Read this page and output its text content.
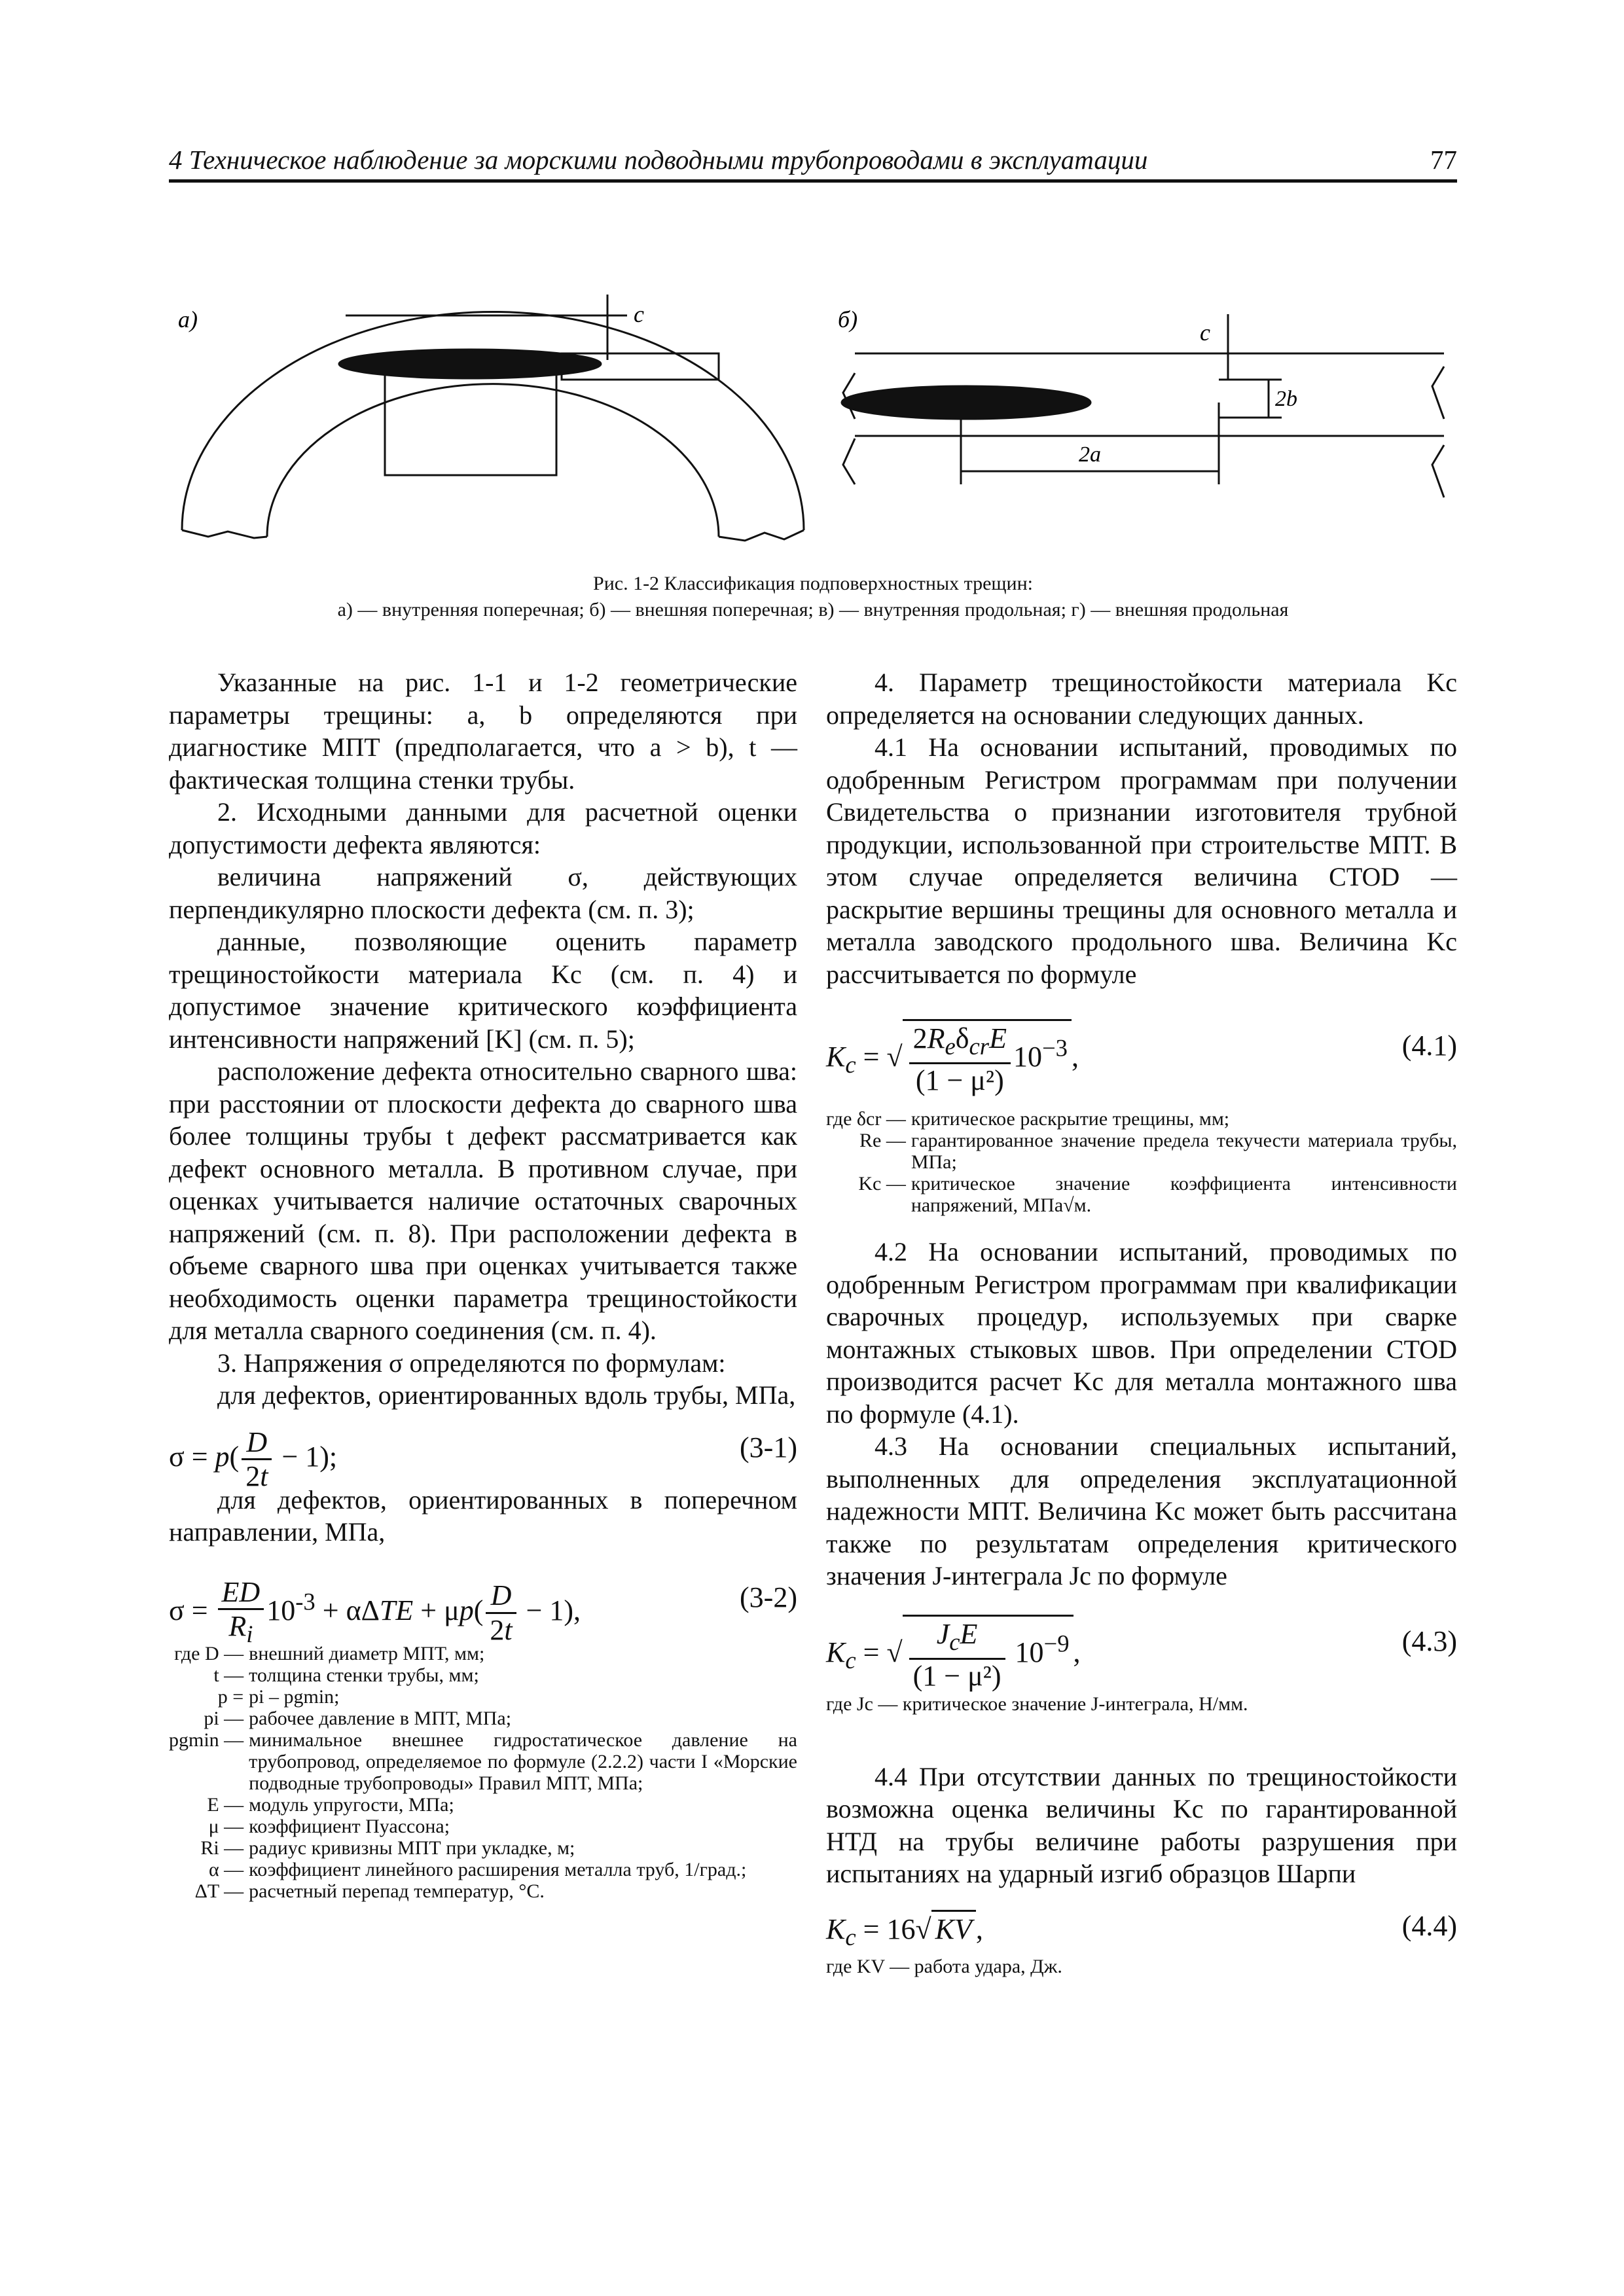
4 Техническое наблюдение за морскими подводными трубопроводами в эксплуатации	77
а)	c	б)	c
2b
2a
Рис. 1-2 Классификация подповерхностных трещин:
а) — внутренняя поперечная; б) — внешняя поперечная; в) — внутренняя продольная; г) — внешняя продольная

Указанные на рис. 1-1 и 1-2 геометрические параметры трещины: a, b определяются при диагностике МПТ (предполагается, что a > b), t — фактическая толщина стенки трубы.

2. Исходными данными для расчетной оценки допустимости дефекта являются:

величина напряжений σ, действующих перпендикулярно плоскости дефекта (см. п. 3);

данные, позволяющие оценить параметр трещиностойкости материала Kc (см. п. 4) и допустимое значение критического коэффициента интенсивности напряжений [K] (см. п. 5);

расположение дефекта относительно сварного шва: при расстоянии от плоскости дефекта до сварного шва более толщины трубы t дефект рассматривается как дефект основного металла. В противном случае, при оценках учитывается наличие остаточных сварочных напряжений (см. п. 8). При расположении дефекта в объеме сварного шва при оценках учитывается также необходимость оценки параметра трещиностойкости для металла сварного соединения (см. п. 4).

3. Напряжения σ определяются по формулам:

для дефектов, ориентированных вдоль трубы, МПа,

$\sigma = p( \frac{D}{2t} - 1)$;	(3-1)

для дефектов, ориентированных в поперечном направлении, МПа,

$\sigma = \frac{ED}{R_i} 10^{-3} + \alpha\Delta TE + \mu p( \frac{D}{2t} - 1)$,	(3-2)
где D —	внешний диаметр МПТ, мм;
t —	толщина стенки трубы, мм;
p =	pi – pgmin;
pi —	рабочее давление в МПТ, МПа;
pgmin —	минимальное внешнее гидростатическое давление на трубопровод, определяемое по формуле (2.2.2) части I «Морские подводные трубопроводы» Правил МПТ, МПа;
E —	модуль упругости, МПа;
μ —	коэффициент Пуассона;
Ri —	радиус кривизны МПТ при укладке, м;
α —	коэффициент линейного расширения металла труб, 1/град.;
ΔT —	расчетный перепад температур, °С.

4. Параметр трещиностойкости материала Kc определяется на основании следующих данных.

4.1 На основании испытаний, проводимых по одобренным Регистром программам при получении Свидетельства о признании изготовителя трубной продукции, использованной при строительстве МПТ. В этом случае определяется величина CTOD — раскрытие вершины трещины для основного металла и металла заводского продольного шва. Величина Kc рассчитывается по формуле

$K_c$ = √ $\frac{2R_e\delta_{cr}E}{\text{(1 − μ²)}} 10^{-3}$ ,	(4.1)
где δcr —	критическое раскрытие трещины, мм;
Re —	гарантированное значение предела текучести материала трубы, МПа;
Kc —	критическое значение коэффициента интенсивности напряжений, МПа√м.

4.2 На основании испытаний, проводимых по одобренным Регистром программам при квалификации сварочных процедур, используемых при сварке монтажных стыковых швов. При определении CTOD производится расчет Kc для металла монтажного шва по формуле (4.1).

4.3 На основании специальных испытаний, выполненных для определения эксплуатационной надежности МПТ. Величина Kc может быть рассчитана также по результатам определения критического значения J-интеграла Jc по формуле

$K_c$ = √ $\frac{J_cE}{\text{(1 − μ²)}} 10^{-9}$ ,	(4.3)
где Jc — критическое значение J-интеграла, Н/мм.

4.4 При отсутствии данных по трещиностойкости возможна оценка величины Kc по гарантированной НТД на трубы величине работы разрушения при испытаниях на ударный изгиб образцов Шарпи

$K_c = 16√$ KV ,	(4.4)
где KV — работа удара, Дж.
